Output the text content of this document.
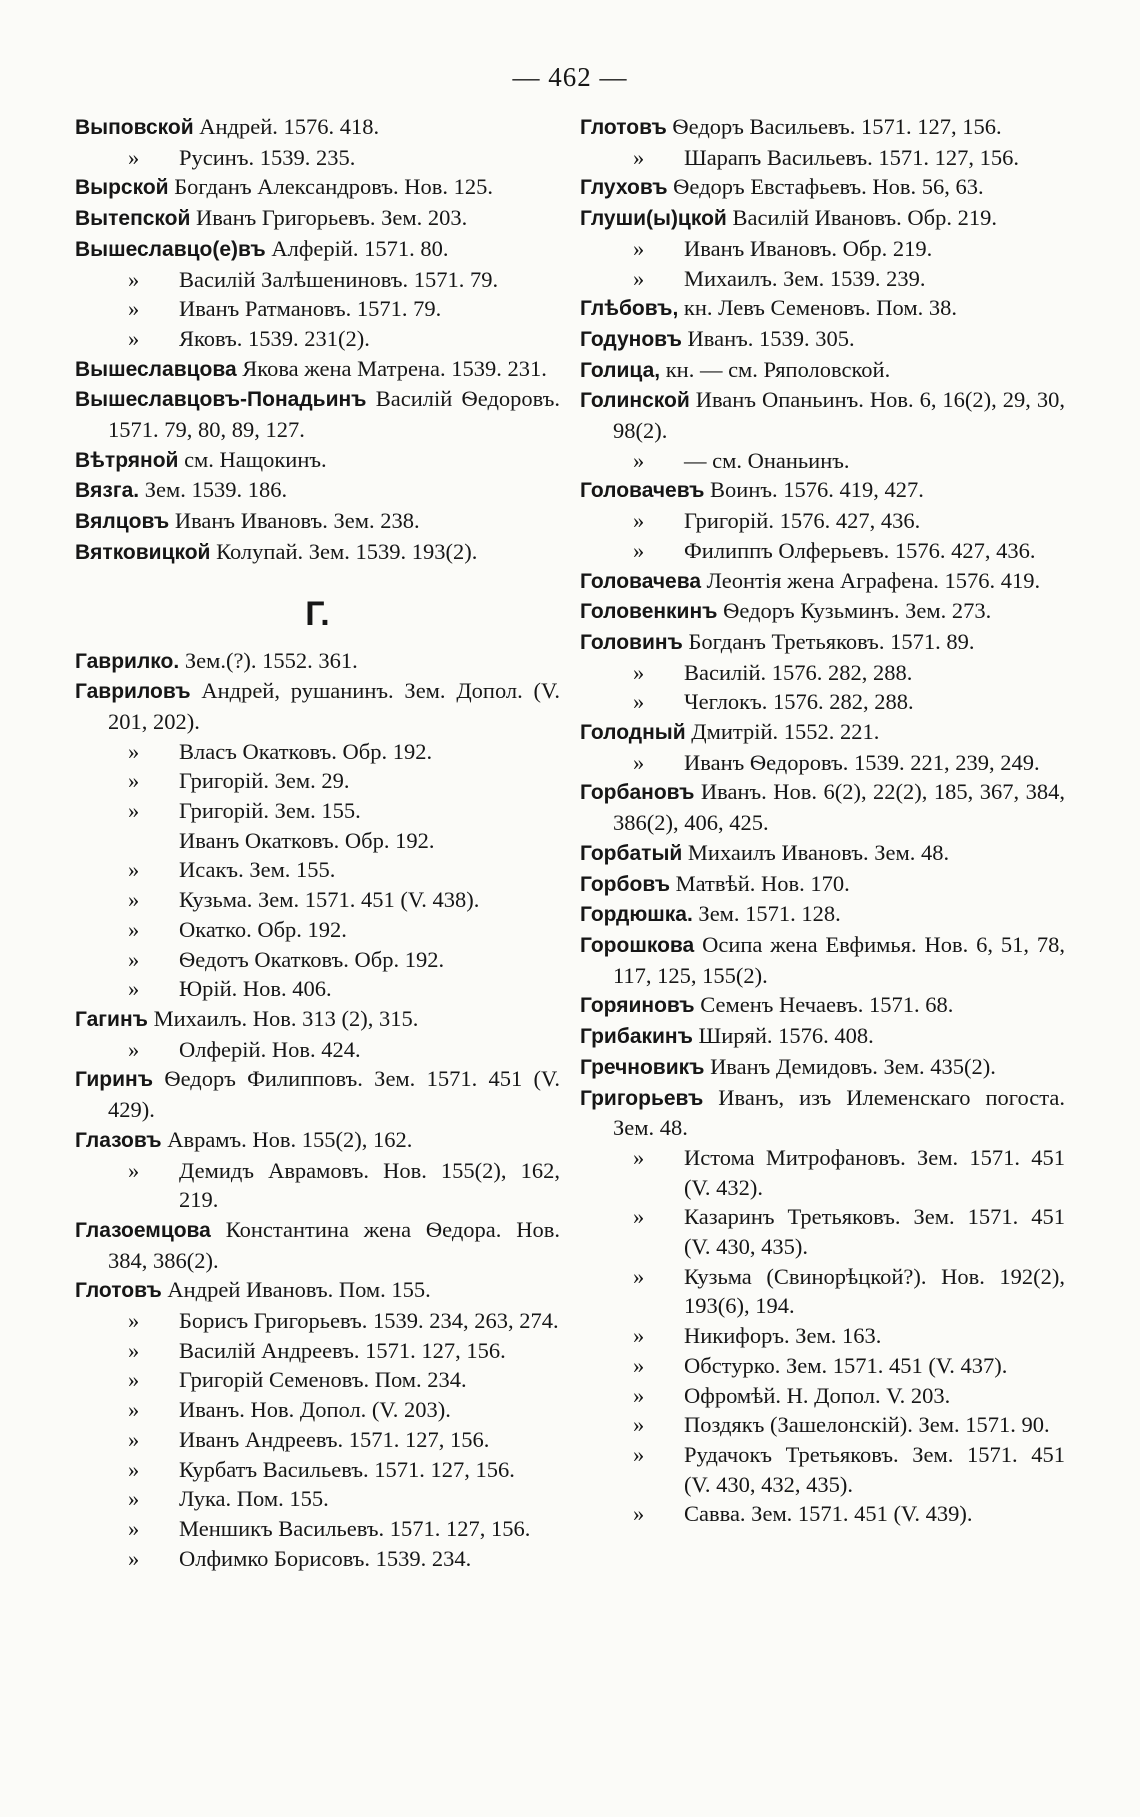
— 462 —
Выповской Андрей. 1576. 418.
» Русинъ. 1539. 235.
Вырской Богданъ Александровъ. Нов. 125.
Вытепской Иванъ Григорьевъ. Зем. 203.
Вышеславцо(е)въ Алферій. 1571. 80.
» Василій Залѣшениновъ. 1571. 79.
» Иванъ Ратмановъ. 1571. 79.
» Яковъ. 1539. 231(2).
Вышеславцова Якова жена Матрена. 1539. 231.
Вышеславцовъ-Понадьинъ Василій Ѳедоровъ. 1571. 79, 80, 89, 127.
Вѣтряной см. Нащокинъ.
Вязга. Зем. 1539. 186.
Вялцовъ Иванъ Ивановъ. Зем. 238.
Вятковицкой Колупай. Зем. 1539. 193(2).
Г.
Гаврилко. Зем.(?). 1552. 361.
Гавриловъ Андрей, рушанинъ. Зем. Допол. (V. 201, 202).
» Власъ Окатковъ. Обр. 192.
» Григорій. Зем. 29.
» Григорій. Зем. 155.
Иванъ Окатковъ. Обр. 192.
» Исакъ. Зем. 155.
» Кузьма. Зем. 1571. 451 (V. 438).
» Окатко. Обр. 192.
» Ѳедотъ Окатковъ. Обр. 192.
» Юрій. Нов. 406.
Гагинъ Михаилъ. Нов. 313 (2), 315.
» Олферій. Нов. 424.
Гиринъ Ѳедоръ Филипповъ. Зем. 1571. 451 (V. 429).
Глазовъ Аврамъ. Нов. 155(2), 162.
» Демидъ Аврамовъ. Нов. 155(2), 162, 219.
Глазоемцова Константина жена Ѳедора. Нов. 384, 386(2).
Глотовъ Андрей Ивановъ. Пом. 155.
» Борисъ Григорьевъ. 1539. 234, 263, 274.
» Василій Андреевъ. 1571. 127, 156.
» Григорій Семеновъ. Пом. 234.
» Иванъ. Нов. Допол. (V. 203).
» Иванъ Андреевъ. 1571. 127, 156.
» Курбатъ Васильевъ. 1571. 127, 156.
» Лука. Пом. 155.
» Меншикъ Васильевъ. 1571. 127, 156.
» Олфимко Борисовъ. 1539. 234.
Глотовъ Ѳедоръ Васильевъ. 1571. 127, 156.
» Шарапъ Васильевъ. 1571. 127, 156.
Глуховъ Ѳедоръ Евстафьевъ. Нов. 56, 63.
Глуши(ы)цкой Василій Ивановъ. Обр. 219.
» Иванъ Ивановъ. Обр. 219.
» Михаилъ. Зем. 1539. 239.
Глѣбовъ, кн. Левъ Семеновъ. Пом. 38.
Годуновъ Иванъ. 1539. 305.
Голица, кн. — см. Ряполовской.
Голинской Иванъ Опаньинъ. Нов. 6, 16(2), 29, 30, 98(2).
» — см. Онаньинъ.
Головачевъ Воинъ. 1576. 419, 427.
» Григорій. 1576. 427, 436.
» Филиппъ Олферьевъ. 1576. 427, 436.
Головачева Леонтія жена Аграфена. 1576. 419.
Головенкинъ Ѳедоръ Кузьминъ. Зем. 273.
Головинъ Богданъ Третьяковъ. 1571. 89.
» Василій. 1576. 282, 288.
» Чеглокъ. 1576. 282, 288.
Голодный Дмитрій. 1552. 221.
» Иванъ Ѳедоровъ. 1539. 221, 239, 249.
Горбановъ Иванъ. Нов. 6(2), 22(2), 185, 367, 384, 386(2), 406, 425.
Горбатый Михаилъ Ивановъ. Зем. 48.
Горбовъ Матвѣй. Нов. 170.
Гордюшка. Зем. 1571. 128.
Горошкова Осипа жена Евфимья. Нов. 6, 51, 78, 117, 125, 155(2).
Горяиновъ Семенъ Нечаевъ. 1571. 68.
Грибакинъ Ширяй. 1576. 408.
Гречновикъ Иванъ Демидовъ. Зем. 435(2).
Григорьевъ Иванъ, изъ Илеменскаго погоста. Зем. 48.
» Истома Митрофановъ. Зем. 1571. 451 (V. 432).
» Казаринъ Третьяковъ. Зем. 1571. 451 (V. 430, 435).
» Кузьма (Свинорѣцкой?). Нов. 192(2), 193(6), 194.
» Никифоръ. Зем. 163.
» Обстурко. Зем. 1571. 451 (V. 437).
» Офромѣй. Н. Допол. V. 203.
» Поздякъ (Зашелонскій). Зем. 1571. 90.
» Рудачокъ Третьяковъ. Зем. 1571. 451 (V. 430, 432, 435).
» Савва. Зем. 1571. 451 (V. 439).
